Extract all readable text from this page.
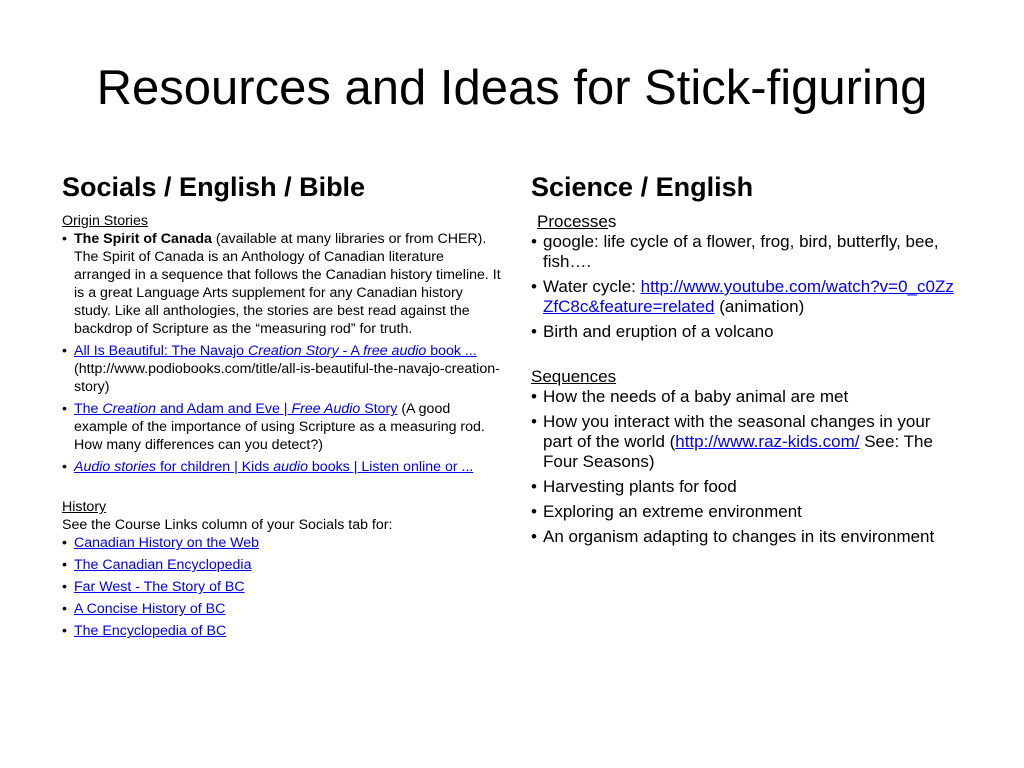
Resources and Ideas for Stick-figuring
Socials / English / Bible
Origin Stories
• The Spirit of Canada (available at many libraries or from CHER). The Spirit of Canada is an Anthology of Canadian literature arranged in a sequence that follows the Canadian history timeline. It is a great Language Arts supplement for any Canadian history study. Like all anthologies, the stories are best read against the backdrop of Scripture as the “measuring rod” for truth.
• All Is Beautiful: The Navajo Creation Story - A free audio book ... (http://www.podiobooks.com/title/all-is-beautiful-the-navajo-creation-story)
• The Creation and Adam and Eve | Free Audio Story (A good example of the importance of using Scripture as a measuring rod. How many differences can you detect?)
• Audio stories for children | Kids audio books | Listen online or ...
History
See the Course Links column of your Socials tab for:
• Canadian History on the Web
• The Canadian Encyclopedia
• Far West - The Story of BC
• A Concise History of BC
• The Encyclopedia of BC
Science / English
Processes
• google: life cycle of a flower, frog, bird, butterfly, bee, fish….
• Water cycle: http://www.youtube.com/watch?v=0_c0ZzZfC8c&feature=related (animation)
• Birth and eruption of a volcano
Sequences
• How the needs of a baby animal are met
• How you interact with the seasonal changes in your part of the world (http://www.raz-kids.com/ See: The Four Seasons)
• Harvesting plants for food
• Exploring an extreme environment
• An organism adapting to changes in its environment
